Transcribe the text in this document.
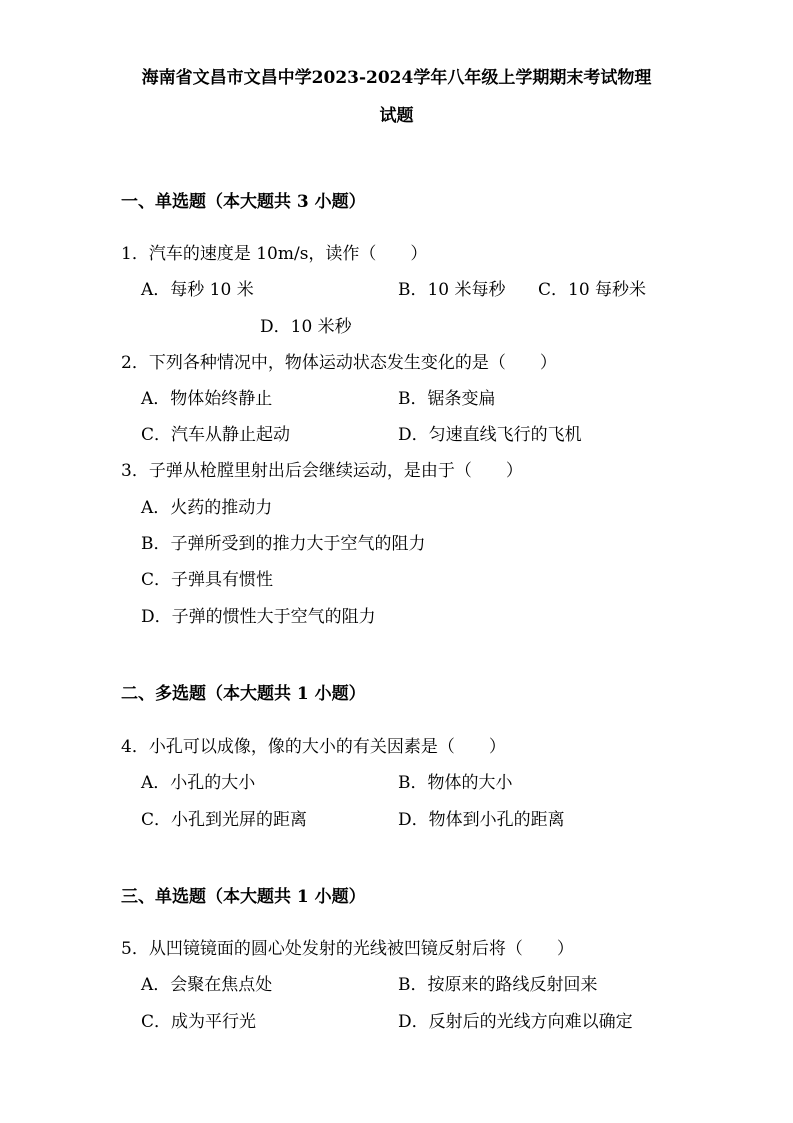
海南省文昌市文昌中学2023-2024学年八年级上学期期末考试物理
试题
一、单选题（本大题共 3 小题）
1．汽车的速度是 10m/s，读作（　　）
A．每秒 10 米	B．10 米每秒 C．10 每秒米
D．10 米秒
2．下列各种情况中，物体运动状态发生变化的是（　　）
A．物体始终静止	B．锯条变扁
C．汽车从静止起动	D．匀速直线飞行的飞机
3．子弹从枪膛里射出后会继续运动，是由于（　　）
A．火药的推动力
B．子弹所受到的推力大于空气的阻力
C．子弹具有惯性
D．子弹的惯性大于空气的阻力
二、多选题（本大题共 1 小题）
4．小孔可以成像，像的大小的有关因素是（　　）
A．小孔的大小	B．物体的大小
C．小孔到光屏的距离	D．物体到小孔的距离
三、单选题（本大题共 1 小题）
5．从凹镜镜面的圆心处发射的光线被凹镜反射后将（　　）
A．会聚在焦点处	B．按原来的路线反射回来
C．成为平行光	D．反射后的光线方向难以确定
